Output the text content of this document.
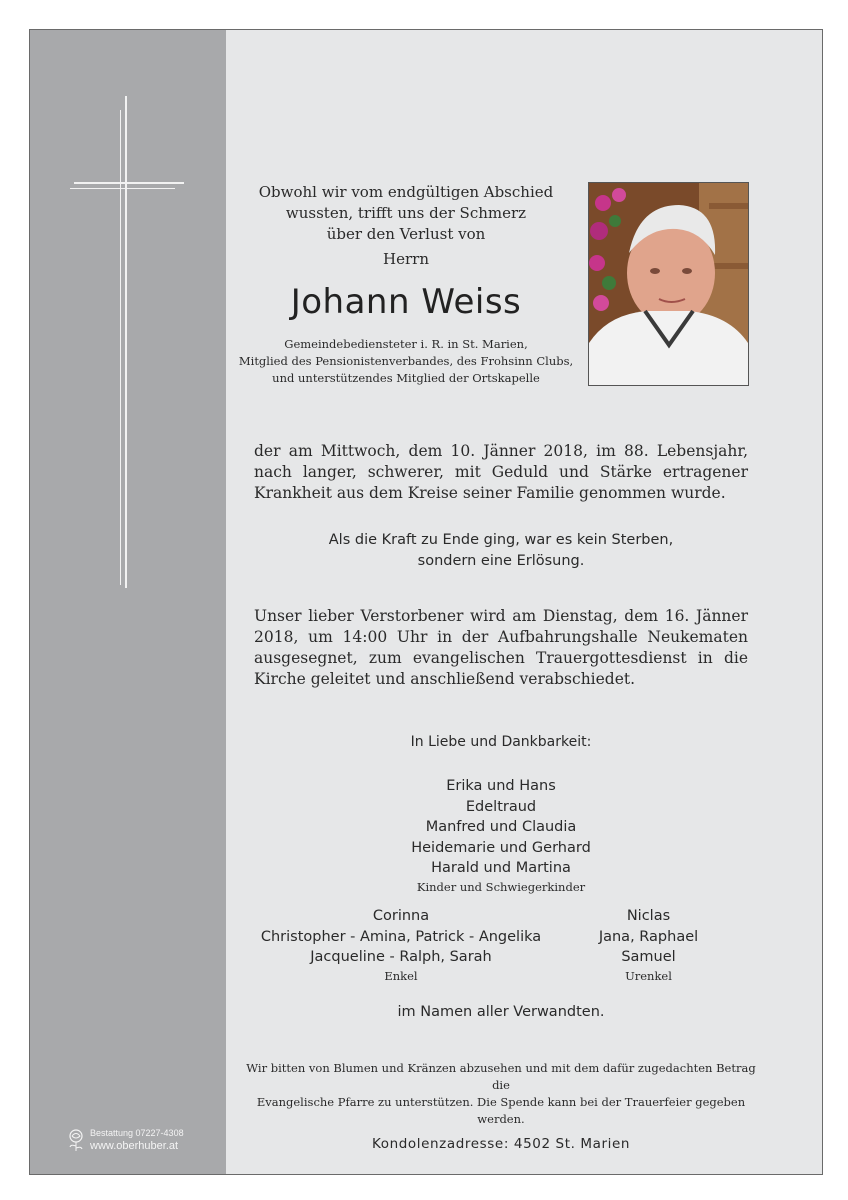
Bestattung 07227-4308
www.oberhuber.at
Obwohl wir vom endgültigen Abschied
wussten, trifft uns der Schmerz
über den Verlust von
Herrn
Johann Weiss
Gemeindebediensteter i. R. in St. Marien,
Mitglied des Pensionistenverbandes, des Frohsinn Clubs,
und unterstützendes Mitglied der Ortskapelle
der am Mittwoch, dem 10. Jänner 2018, im 88. Lebensjahr, nach langer, schwerer, mit Geduld und Stärke ertragener Krankheit aus dem Kreise seiner Familie genommen wurde.
Als die Kraft zu Ende ging, war es kein Sterben,
sondern eine Erlösung.
Unser lieber Verstorbener wird am Dienstag, dem 16. Jänner 2018, um 14:00 Uhr in der Aufbahrungshalle Neukematen ausgesegnet, zum evangelischen Trauergottesdienst in die Kirche geleitet und anschließend verabschiedet.
In Liebe und Dankbarkeit:
Erika und Hans
Edeltraud
Manfred und Claudia
Heidemarie und Gerhard
Harald und Martina
Kinder und Schwiegerkinder
Corinna
Christopher - Amina, Patrick - Angelika
Jacqueline - Ralph, Sarah
Enkel
Niclas
Jana, Raphael
Samuel
Urenkel
im Namen aller Verwandten.
Wir bitten von Blumen und Kränzen abzusehen und mit dem dafür zugedachten Betrag die
Evangelische Pfarre zu unterstützen. Die Spende kann bei der Trauerfeier gegeben werden.
Kondolenzadresse: 4502 St. Marien
